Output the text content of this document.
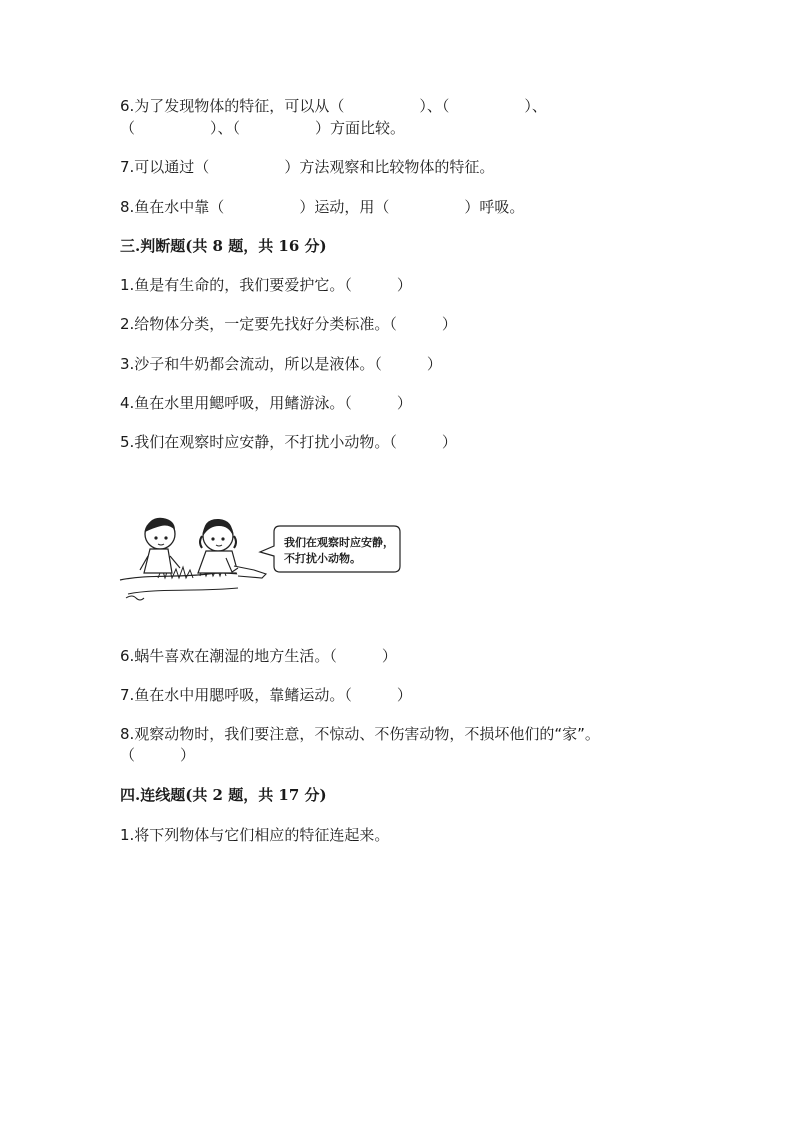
6.为了发现物体的特征，可以从（　　　　　）、（　　　　　）、
（　　　　　）、（　　　　　）方面比较。
7.可以通过（　　　　　）方法观察和比较物体的特征。
8.鱼在水中靠（　　　　　）运动，用（　　　　　）呼吸。
三.判断题(共 8 题，共 16 分)
1.鱼是有生命的，我们要爱护它。（　　　）
2.给物体分类，一定要先找好分类标准。（　　　）
3.沙子和牛奶都会流动，所以是液体。（　　　）
4.鱼在水里用鳃呼吸，用鳍游泳。（　　　）
5.我们在观察时应安静，不打扰小动物。（　　　）
我们在观察时应安静，
不打扰小动物。
6.蜗牛喜欢在潮湿的地方生活。（　　　）
7.鱼在水中用腮呼吸，靠鳍运动。（　　　）
8.观察动物时，我们要注意，不惊动、不伤害动物，不损坏他们的“家”。
（　　　）
四.连线题(共 2 题，共 17 分)
1.将下列物体与它们相应的特征连起来。
